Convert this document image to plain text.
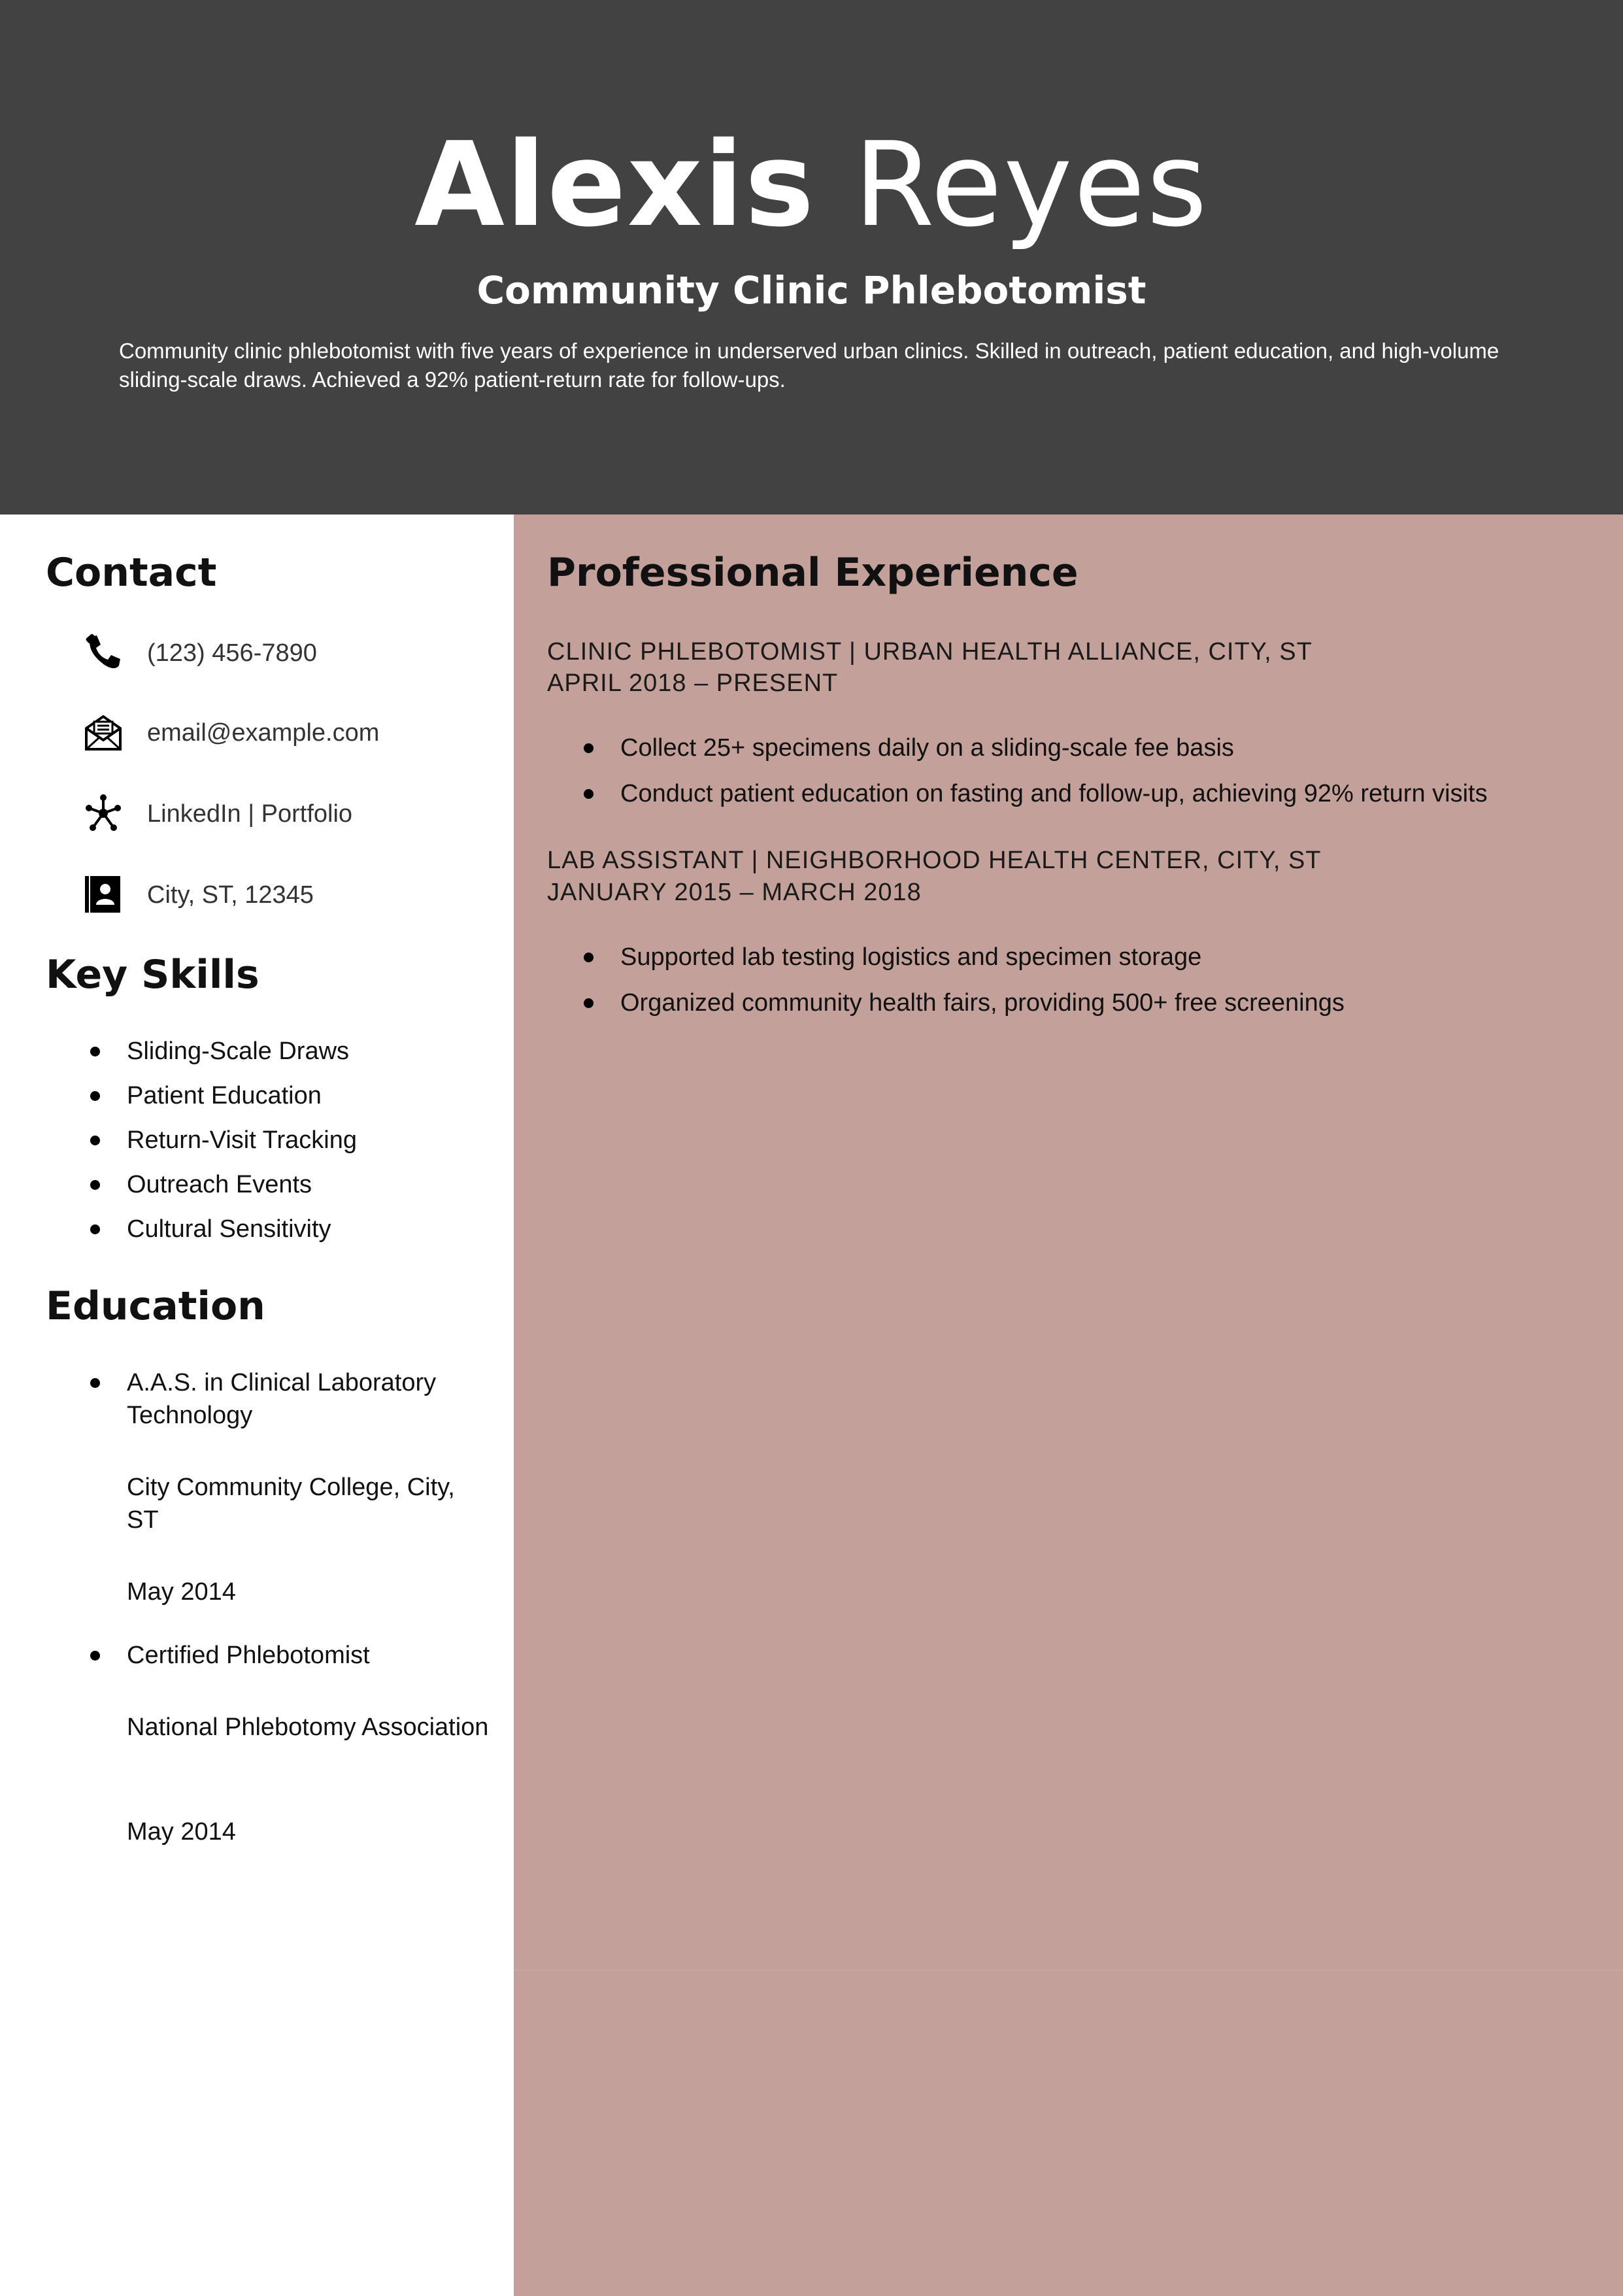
Alexis Reyes
Community Clinic Phlebotomist
Community clinic phlebotomist with five years of experience in underserved urban clinics. Skilled in outreach, patient education, and high-volume sliding-scale draws. Achieved a 92% patient-return rate for follow-ups.
Contact
(123) 456-7890
email@example.com
LinkedIn | Portfolio
City, ST, 12345
Key Skills
Sliding-Scale Draws
Patient Education
Return-Visit Tracking
Outreach Events
Cultural Sensitivity
Education
A.A.S. in Clinical Laboratory Technology
City Community College, City, ST
May 2014
Certified Phlebotomist
National Phlebotomy Association
May 2014
Professional Experience
CLINIC PHLEBOTOMIST | URBAN HEALTH ALLIANCE, CITY, ST
APRIL 2018 – PRESENT
Collect 25+ specimens daily on a sliding-scale fee basis
Conduct patient education on fasting and follow-up, achieving 92% return visits
LAB ASSISTANT | NEIGHBORHOOD HEALTH CENTER, CITY, ST
JANUARY 2015 – MARCH 2018
Supported lab testing logistics and specimen storage
Organized community health fairs, providing 500+ free screenings
